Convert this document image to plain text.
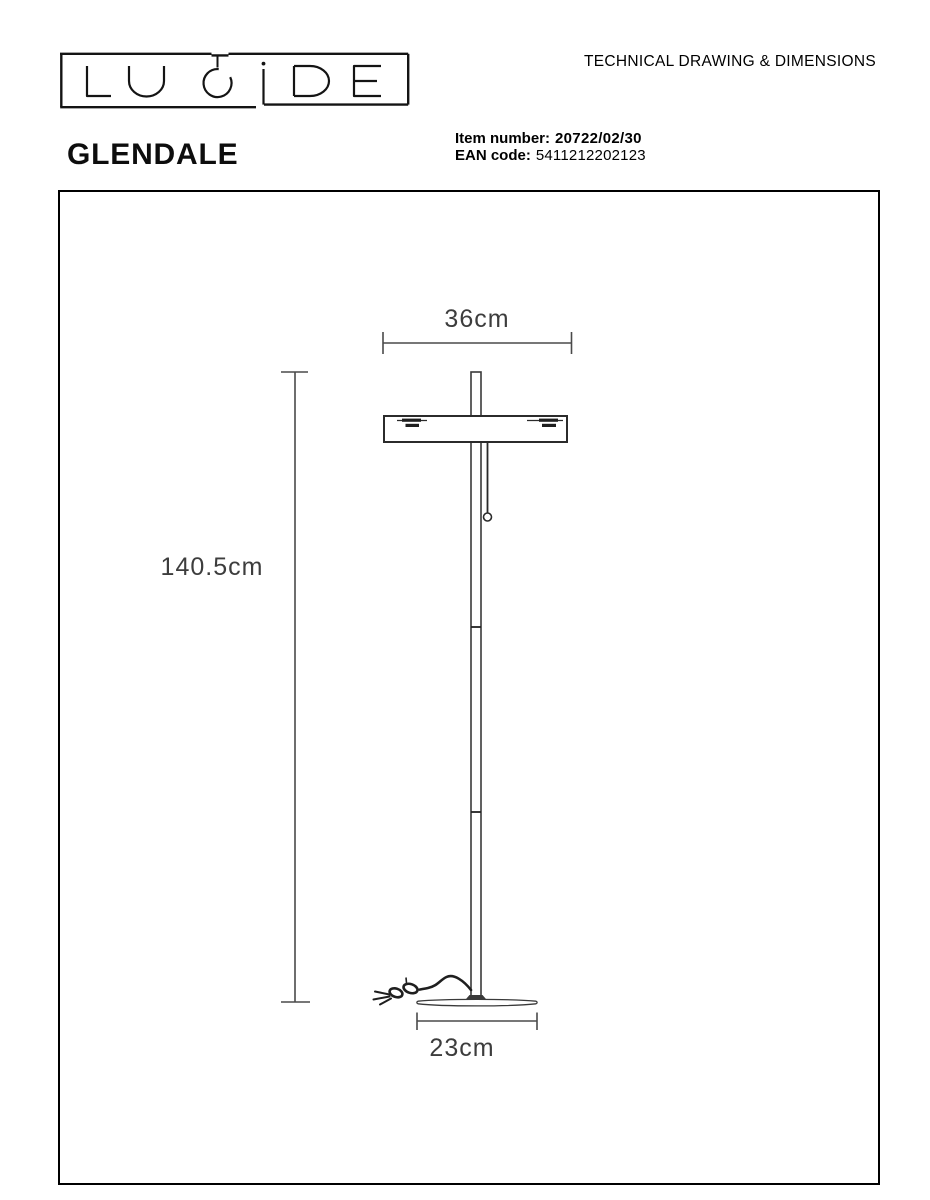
TECHNICAL DRAWING & DIMENSIONS
GLENDALE	Item number: 20722/02/30
EAN code: 5411212202123
36cm
140.5cm
23cm
